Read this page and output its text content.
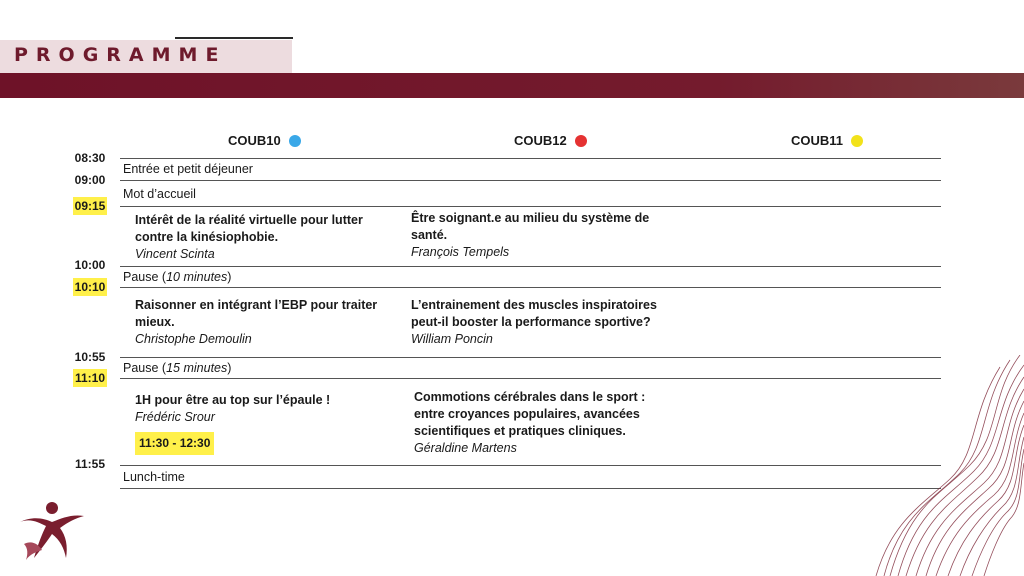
PROGRAMME
COUB10	COUB12	COUB11
08:30
09:00
09:15
10:00
10:10
10:55
11:10
11:55
Entrée et petit déjeuner
Mot d’accueil
Pause (10 minutes)
Pause (15 minutes)
Lunch-time
Intérêt de la réalité virtuelle pour lutter contre la kinésiophobie.
Vincent Scinta
Être soignant.e au milieu du système de santé.
François Tempels
Raisonner en intégrant l’EBP pour traiter mieux.
Christophe Demoulin
L’entrainement des muscles inspiratoires peut-il booster la performance sportive?
William Poncin
1H pour être au top sur l’épaule !
Frédéric Srour
11:30 - 12:30
Commotions cérébrales dans le sport : entre croyances populaires, avancées scientifiques et pratiques cliniques.
Géraldine Martens
